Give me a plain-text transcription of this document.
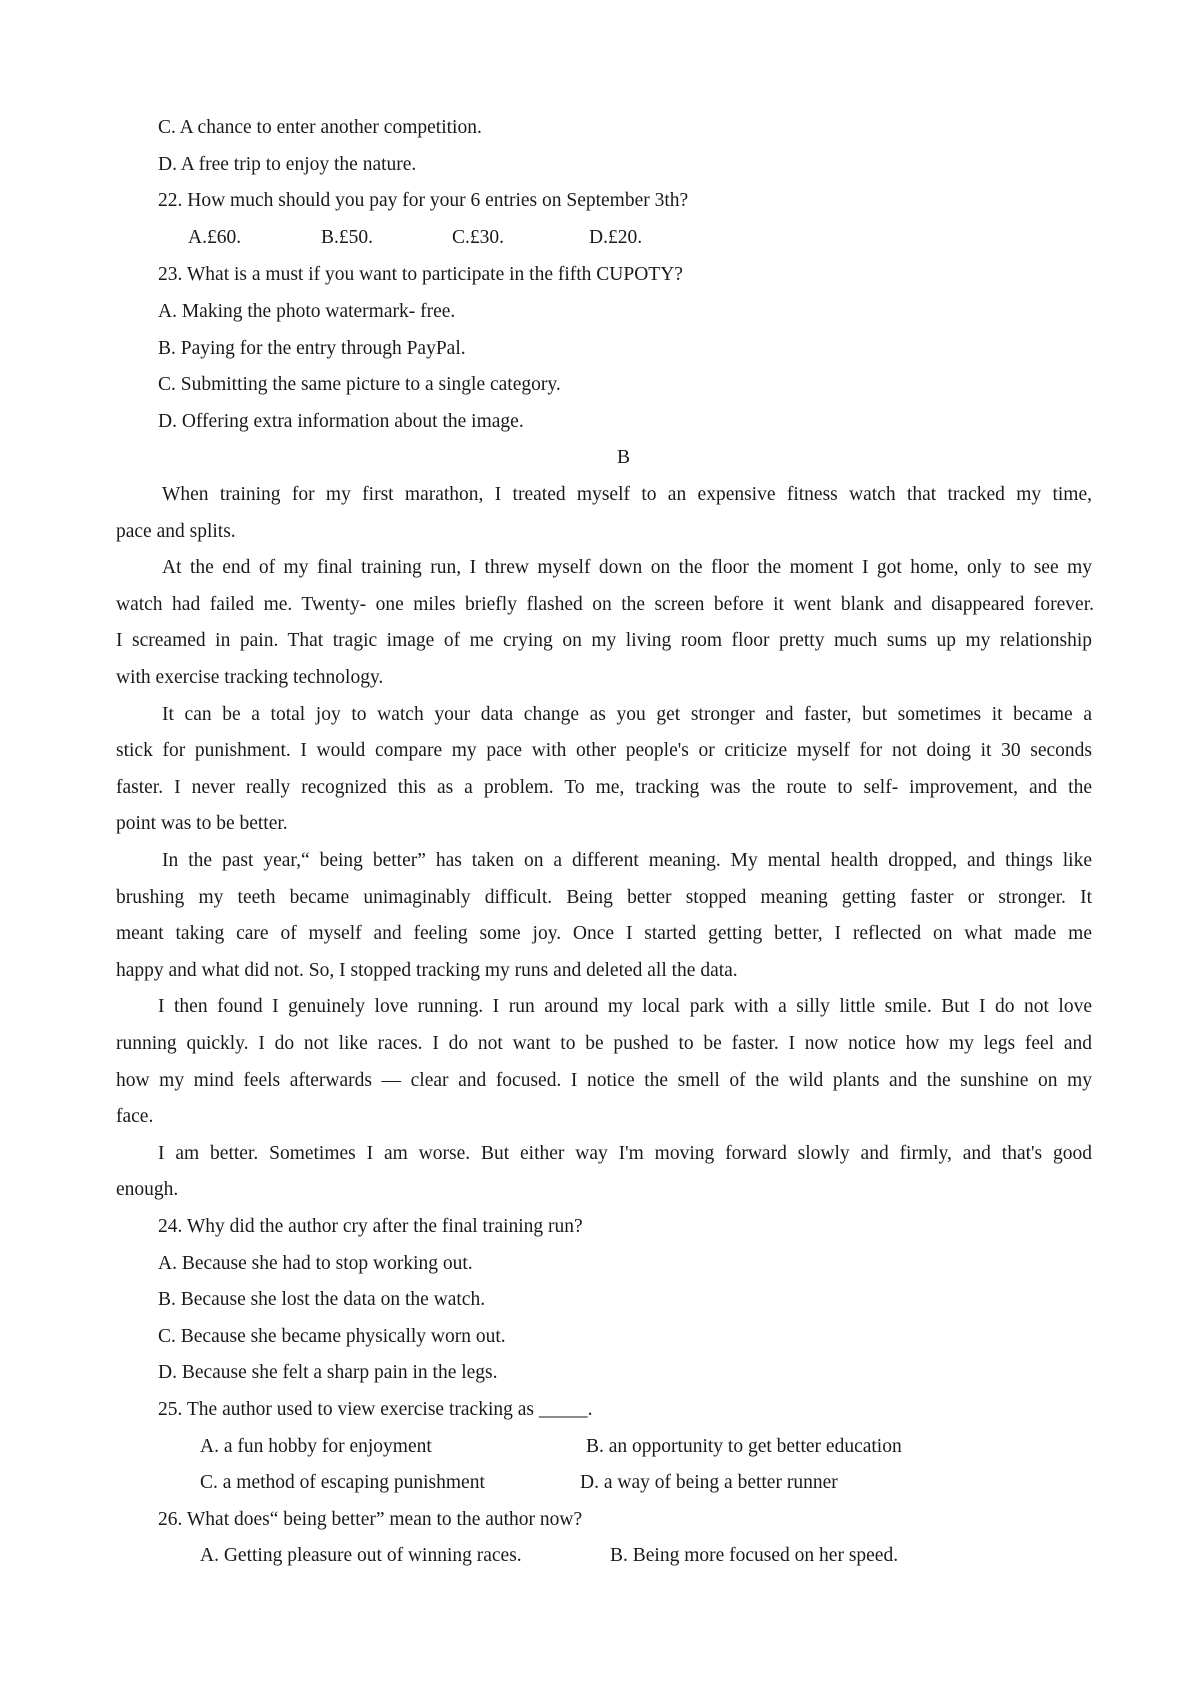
C. A chance to enter another competition.
D. A free trip to enjoy the nature.
22. How much should you pay for your 6 entries on September 3th?
A.£60.	B.£50.	C.£30.	D.£20.
23. What is a must if you want to participate in the fifth CUPOTY?
A. Making the photo watermark- free.
B. Paying for the entry through PayPal.
C. Submitting the same picture to a single category.
D. Offering extra information about the image.
B
When training for my first marathon, I treated myself to an expensive fitness watch that tracked my time,
pace and splits.
At the end of my final training run, I threw myself down on the floor the moment I got home, only to see my
watch had failed me. Twenty- one miles briefly flashed on the screen before it went blank and disappeared forever.
I screamed in pain. That tragic image of me crying on my living room floor pretty much sums up my relationship
with exercise tracking technology.
It can be a total joy to watch your data change as you get stronger and faster, but sometimes it became a
stick for punishment. I would compare my pace with other people's or criticize myself for not doing it 30 seconds
faster. I never really recognized this as a problem. To me, tracking was the route to self- improvement, and the
point was to be better.
In the past year,“ being better” has taken on a different meaning. My mental health dropped, and things like
brushing my teeth became unimaginably difficult. Being better stopped meaning getting faster or stronger. It
meant taking care of myself and feeling some joy. Once I started getting better, I reflected on what made me
happy and what did not. So, I stopped tracking my runs and deleted all the data.
I then found I genuinely love running. I run around my local park with a silly little smile. But I do not love
running quickly. I do not like races. I do not want to be pushed to be faster. I now notice how my legs feel and
how my mind feels afterwards — clear and focused. I notice the smell of the wild plants and the sunshine on my
face.
I am better. Sometimes I am worse. But either way I'm moving forward slowly and firmly, and that's good
enough.
24. Why did the author cry after the final training run?
A. Because she had to stop working out.
B. Because she lost the data on the watch.
C. Because she became physically worn out.
D. Because she felt a sharp pain in the legs.
25. The author used to view exercise tracking as _____.
A. a fun hobby for enjoyment	B. an opportunity to get better education
C. a method of escaping punishment	D. a way of being a better runner
26. What does“ being better” mean to the author now?
A. Getting pleasure out of winning races.	B. Being more focused on her speed.
